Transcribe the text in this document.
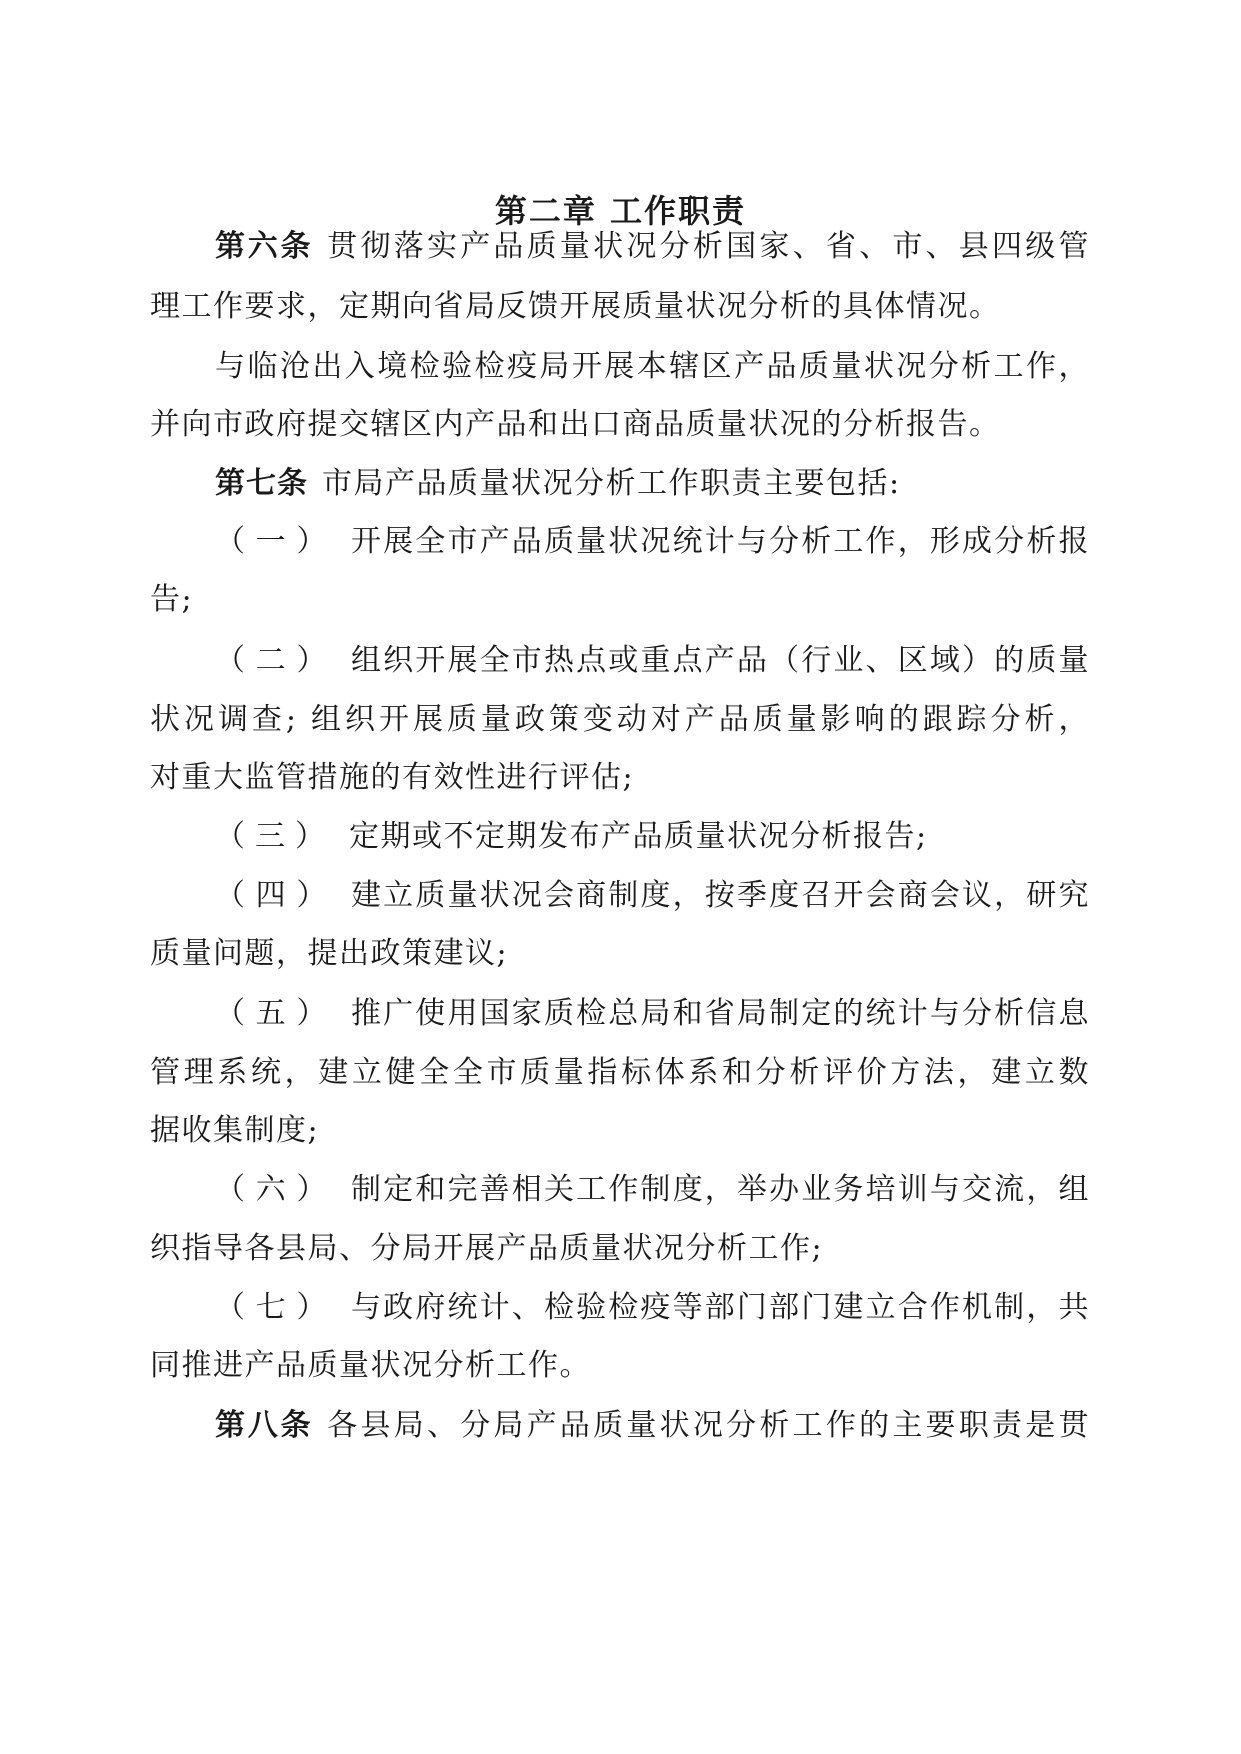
第二章 工作职责
第六条 贯彻落实产品质量状况分析国家、省、市、县四级管
理工作要求，定期向省局反馈开展质量状况分析的具体情况。
与临沧出入境检验检疫局开展本辖区产品质量状况分析工作，
并向市政府提交辖区内产品和出口商品质量状况的分析报告。
第七条 市局产品质量状况分析工作职责主要包括:
（一） 开展全市产品质量状况统计与分析工作，形成分析报
告;
（二） 组织开展全市热点或重点产品（行业、区域）的质量
状况调查; 组织开展质量政策变动对产品质量影响的跟踪分析，
对重大监管措施的有效性进行评估;
（三） 定期或不定期发布产品质量状况分析报告;
（四） 建立质量状况会商制度，按季度召开会商会议，研究
质量问题，提出政策建议;
（五） 推广使用国家质检总局和省局制定的统计与分析信息
管理系统，建立健全全市质量指标体系和分析评价方法，建立数
据收集制度;
（六） 制定和完善相关工作制度，举办业务培训与交流，组
织指导各县局、分局开展产品质量状况分析工作;
（七） 与政府统计、检验检疫等部门部门建立合作机制，共
同推进产品质量状况分析工作。
第八条 各县局、分局产品质量状况分析工作的主要职责是贯
